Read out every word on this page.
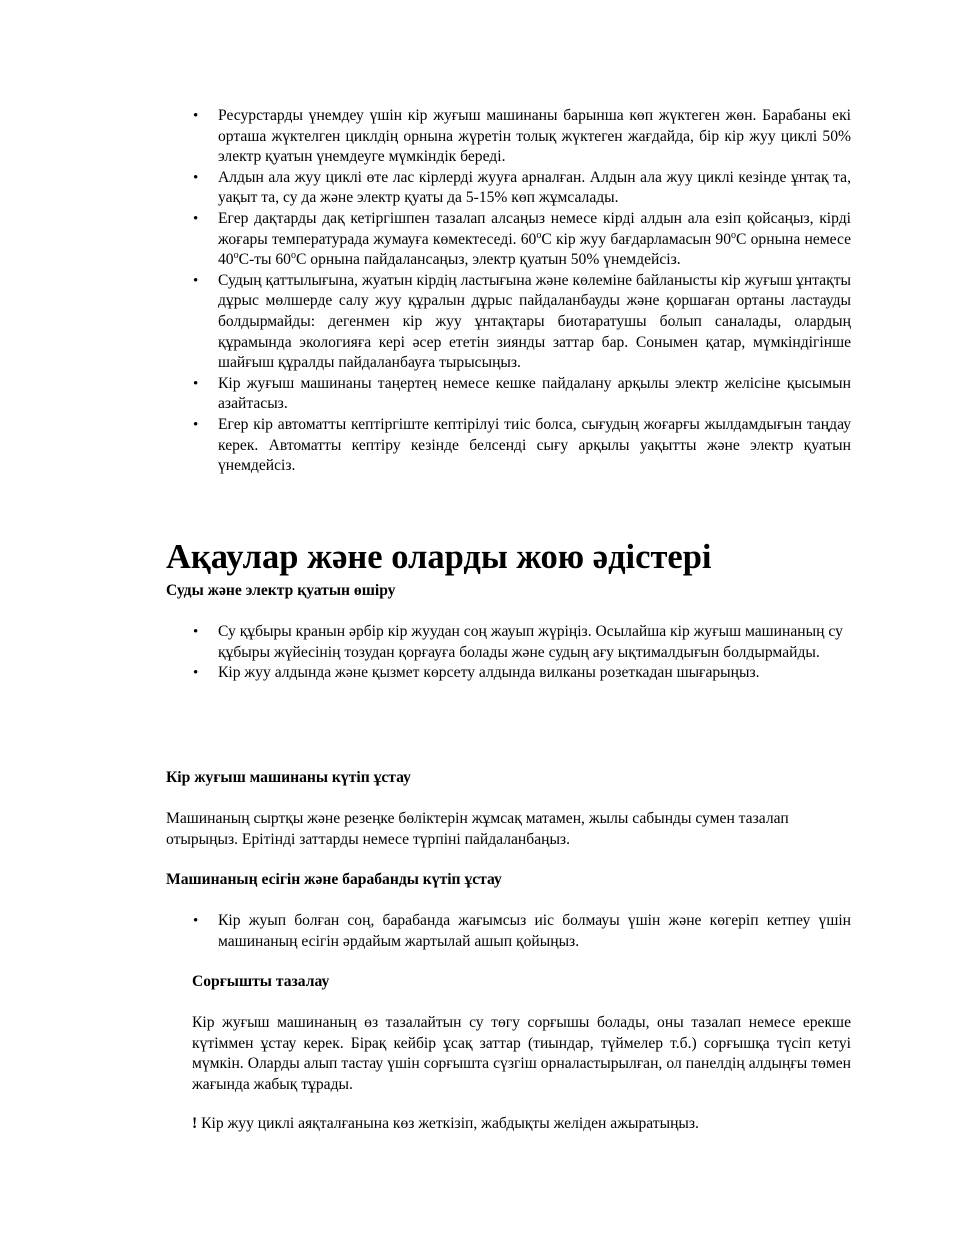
• Ресурстарды үнемдеу үшін кір жуғыш машинаны барынша көп жүктеген жөн. Барабаны екі орташа жүктелген циклдің орнына жүретін толық жүктеген жағдайда, бір кір жуу циклі 50% электр қуатын үнемдеуге мүмкіндік береді.
• Алдын ала жуу циклі өте лас кірлерді жууға арналған. Алдын ала жуу циклі кезінде ұнтақ та, уақыт та, су да және электр қуаты да 5-15% көп жұмсалады.
• Егер дақтарды дақ кетіргішпен тазалап алсаңыз немесе кірді алдын ала езіп қойсаңыз, кірді жоғары температурада жумауға көмектеседі. $60^оС$ кір жуу бағдарламасын $90^оС$ орнына немесе $40^оС-ты$ $60^оС$ орнына пайдалансаңыз, электр қуатын 50% үнемдейсіз.
• Судың қаттылығына, жуатын кірдің ластығына және көлеміне байланысты кір жуғыш ұнтақты дұрыс мөлшерде салу жуу құралын дұрыс пайдаланбауды және қоршаған ортаны ластауды болдырмайды: дегенмен кір жуу ұнтақтары биотаратушы болып саналады, олардың құрамында экологияға кері әсер ететін зиянды заттар бар. Сонымен қатар, мүмкіндігінше шайғыш құралды пайдаланбауға тырысыңыз.
• Кір жуғыш машинаны таңертең немесе кешке пайдалану арқылы электр желісіне қысымын азайтасыз.
• Егер кір автоматты кептіргіште кептірілуі тиіс болса, сығудың жоғарғы жылдамдығын таңдау керек. Автоматты кептіру кезінде белсенді сығу арқылы уақытты және электр қуатын үнемдейсіз.
Ақаулар және оларды жою әдістері
Суды және электр қуатын өшіру
• Су құбыры кранын әрбір кір жуудан соң жауып жүріңіз. Осылайша кір жуғыш машинаның су құбыры жүйесінің тозудан қорғауға болады және судың ағу ықтималдығын болдырмайды.
• Кір жуу алдында және қызмет көрсету алдында вилканы розеткадан шығарыңыз.
Кір жуғыш машинаны күтіп ұстау
Машинаның сыртқы және резеңке бөліктерін жұмсақ матамен, жылы сабынды сумен тазалап отырыңыз. Ерітінді заттарды немесе түрпіні пайдаланбаңыз.
Машинаның есігін және барабанды күтіп ұстау
• Кір жуып болған соң, барабанда жағымсыз иіс болмауы үшін және көгеріп кетпеу үшін машинаның есігін әрдайым жартылай ашып қойыңыз.
Сорғышты тазалау
Кір жуғыш машинаның өз тазалайтын су төгу сорғышы болады, оны тазалап немесе ерекше күтіммен ұстау керек. Бірақ кейбір ұсақ заттар (тиындар, түймелер т.б.) сорғышқа түсіп кетуі мүмкін. Оларды алып тастау үшін сорғышта сүзгіш орналастырылған, ол панелдің алдыңғы төмен жағында жабық тұрады.
! Кір жуу циклі аяқталғанына көз жеткізіп, жабдықты желіден ажыратыңыз.
